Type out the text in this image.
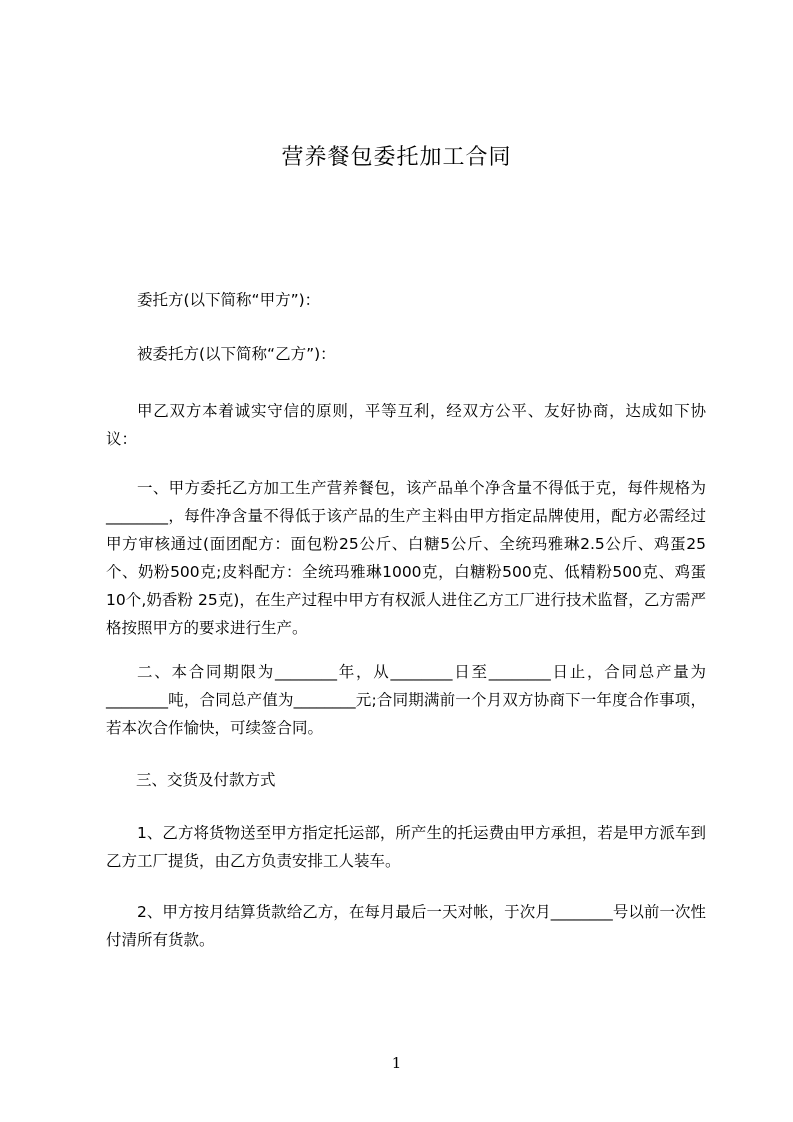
营养餐包委托加工合同

委托方(以下简称“甲方”)：

被委托方(以下简称“乙方”)：

甲乙双方本着诚实守信的原则，平等互利，经双方公平、友好协商，达成如下协议：

一、甲方委托乙方加工生产营养餐包，该产品单个净含量不得低于克，每件规格为________，每件净含量不得低于该产品的生产主料由甲方指定品牌使用，配方必需经过甲方审核通过(面团配方：面包粉25公斤、白糖5公斤、全统玛雅琳2.5公斤、鸡蛋25个、奶粉500克;皮料配方：全统玛雅琳1000克，白糖粉500克、低精粉500克、鸡蛋 10个,奶香粉 25克)，在生产过程中甲方有权派人进住乙方工厂进行技术监督，乙方需严格按照甲方的要求进行生产。

二、本合同期限为________年，从________日至________日止，合同总产量为________吨，合同总产值为________元;合同期满前一个月双方协商下一年度合作事项，若本次合作愉快，可续签合同。

三、交货及付款方式

1、乙方将货物送至甲方指定托运部，所产生的托运费由甲方承担，若是甲方派车到乙方工厂提货，由乙方负责安排工人装车。

2、甲方按月结算货款给乙方，在每月最后一天对帐，于次月________号以前一次性付清所有货款。

1
